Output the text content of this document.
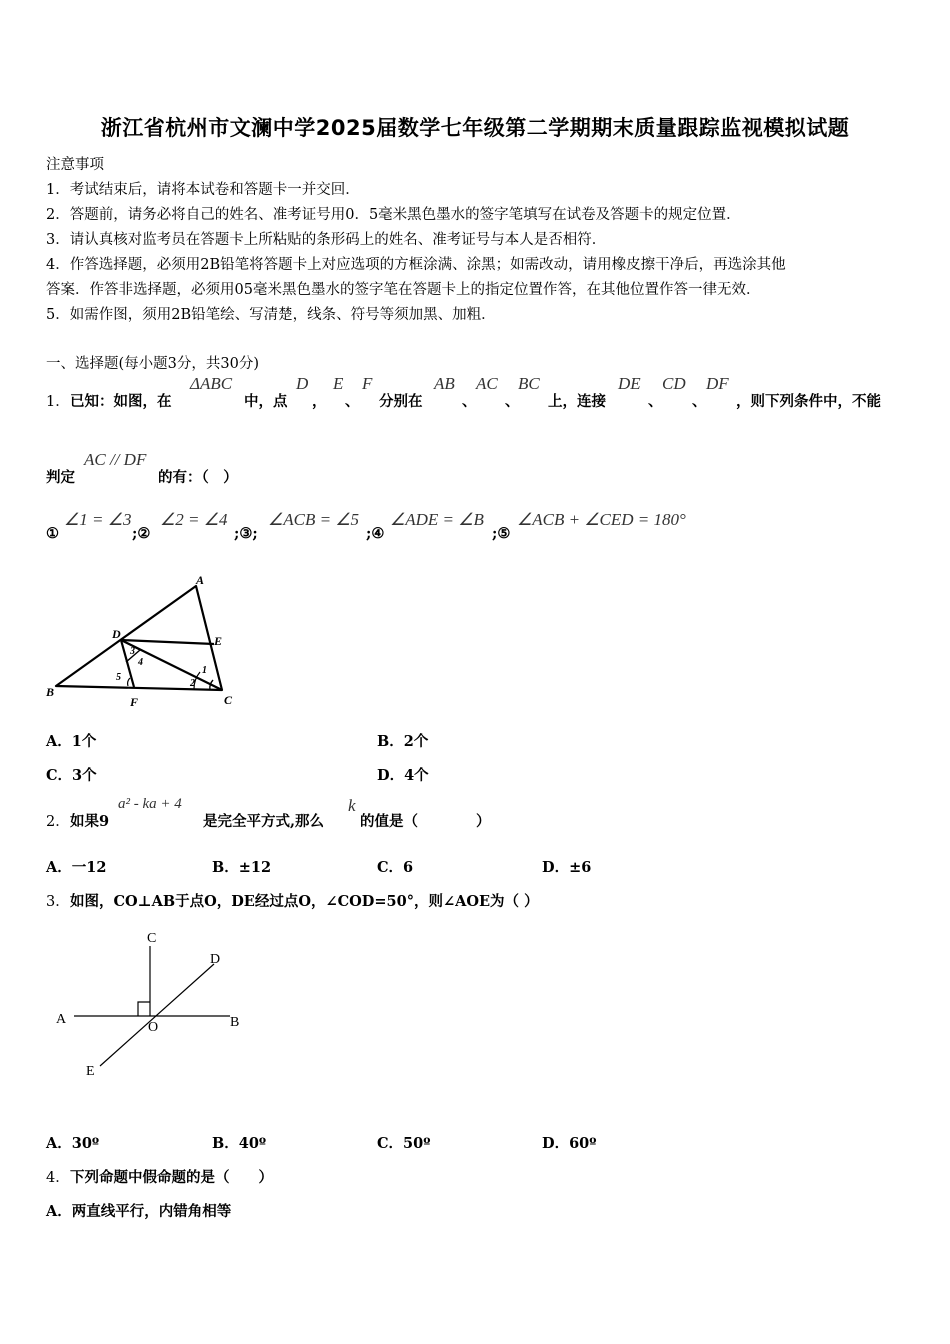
浙江省杭州市文澜中学2025届数学七年级第二学期期末质量跟踪监视模拟试题
注意事项
1．考试结束后，请将本试卷和答题卡一并交回．
2．答题前，请务必将自己的姓名、准考证号用0．5毫米黑色墨水的签字笔填写在试卷及答题卡的规定位置．
3．请认真核对监考员在答题卡上所粘贴的条形码上的姓名、准考证号与本人是否相符．
4．作答选择题，必须用2B铅笔将答题卡上对应选项的方框涂满、涂黑；如需改动，请用橡皮擦干净后，再选涂其他
答案．作答非选择题，必须用05毫米黑色墨水的签字笔在答题卡上的指定位置作答，在其他位置作答一律无效．
5．如需作图，须用2B铅笔绘、写清楚，线条、符号等须加黑、加粗．
一、选择题(每小题3分，共30分)
1． 已知：如图，在
ΔABC
中，点
D
，
E
、
F
分别在
AB
、
AC
、
BC
上，连接
DE
、
CD
、
DF
，则下列条件中，不能
判定
AC // DF
的有：（　）
①
∠1 = ∠3
;②
∠2 = ∠4
;③;
∠ACB = ∠5
;④
∠ADE = ∠B
;⑤
∠ACB + ∠CED = 180°
A
D	E
3
4
5
1
2
B
F	C
A．1个	B．2个
C．3个	D．4个
2． 如果9
a² - ka + 4
是完全平方式,那么
k
的值是（　　　　）
A．一12	B．±12	C．6	D．±6
3． 如图，CO⊥AB于点O，DE经过点O，∠COD=50°，则∠AOE为（ ）
C
D
A
O	B
E
A．30º	B．40º	C．50º	D．60º
4． 下列命题中假命题的是（　　）
A．两直线平行，内错角相等
